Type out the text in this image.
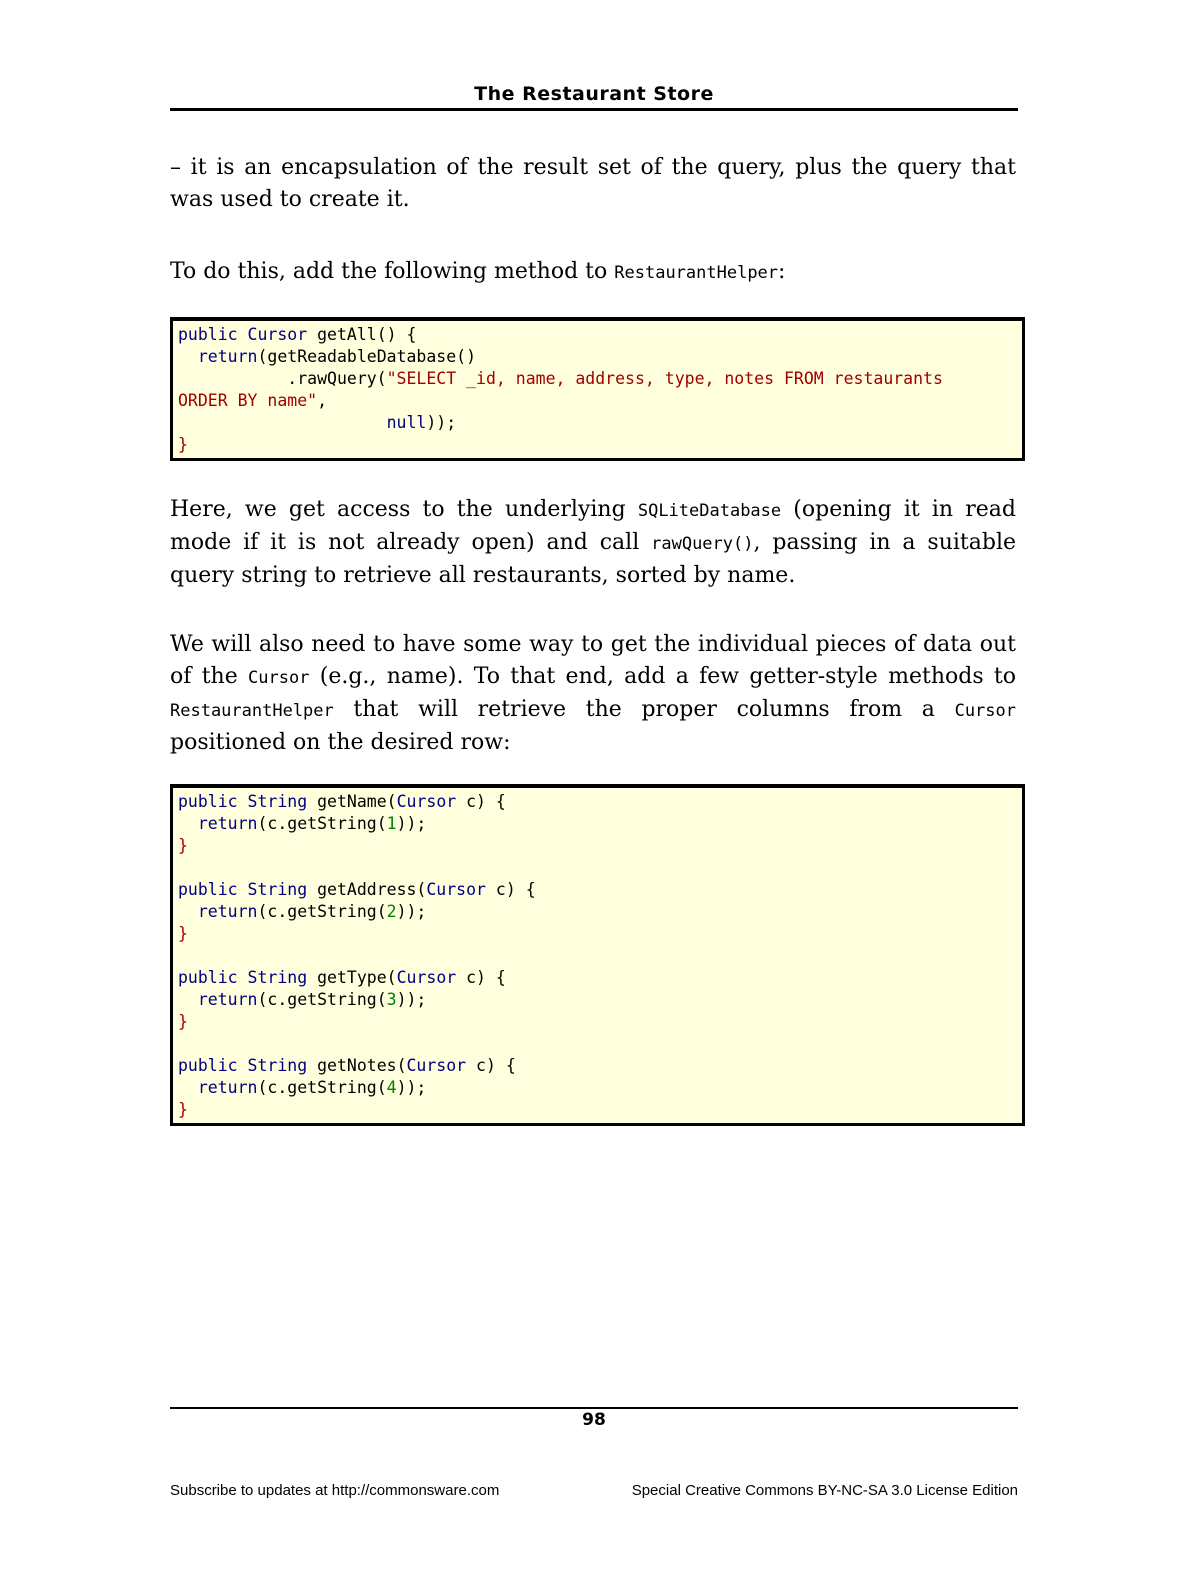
The Restaurant Store

– it is an encapsulation of the result set of the query, plus the query that was used to create it.

To do this, add the following method to RestaurantHelper:

public Cursor getAll() {
return(getReadableDatabase()
.rawQuery("SELECT _id, name, address, type, notes FROM restaurants
ORDER BY name",
null));
}

Here, we get access to the underlying SQLiteDatabase (opening it in read mode if it is not already open) and call rawQuery(), passing in a suitable query string to retrieve all restaurants, sorted by name.

We will also need to have some way to get the individual pieces of data out of the Cursor (e.g., name). To that end, add a few getter-style methods to RestaurantHelper that will retrieve the proper columns from a Cursor positioned on the desired row:

public String getName(Cursor c) {
return(c.getString(1));
}

public String getAddress(Cursor c) {
return(c.getString(2));
}

public String getType(Cursor c) {
return(c.getString(3));
}

public String getNotes(Cursor c) {
return(c.getString(4));
}
98
Subscribe to updates at http://commonsware.com	Special Creative Commons BY-NC-SA 3.0 License Edition
